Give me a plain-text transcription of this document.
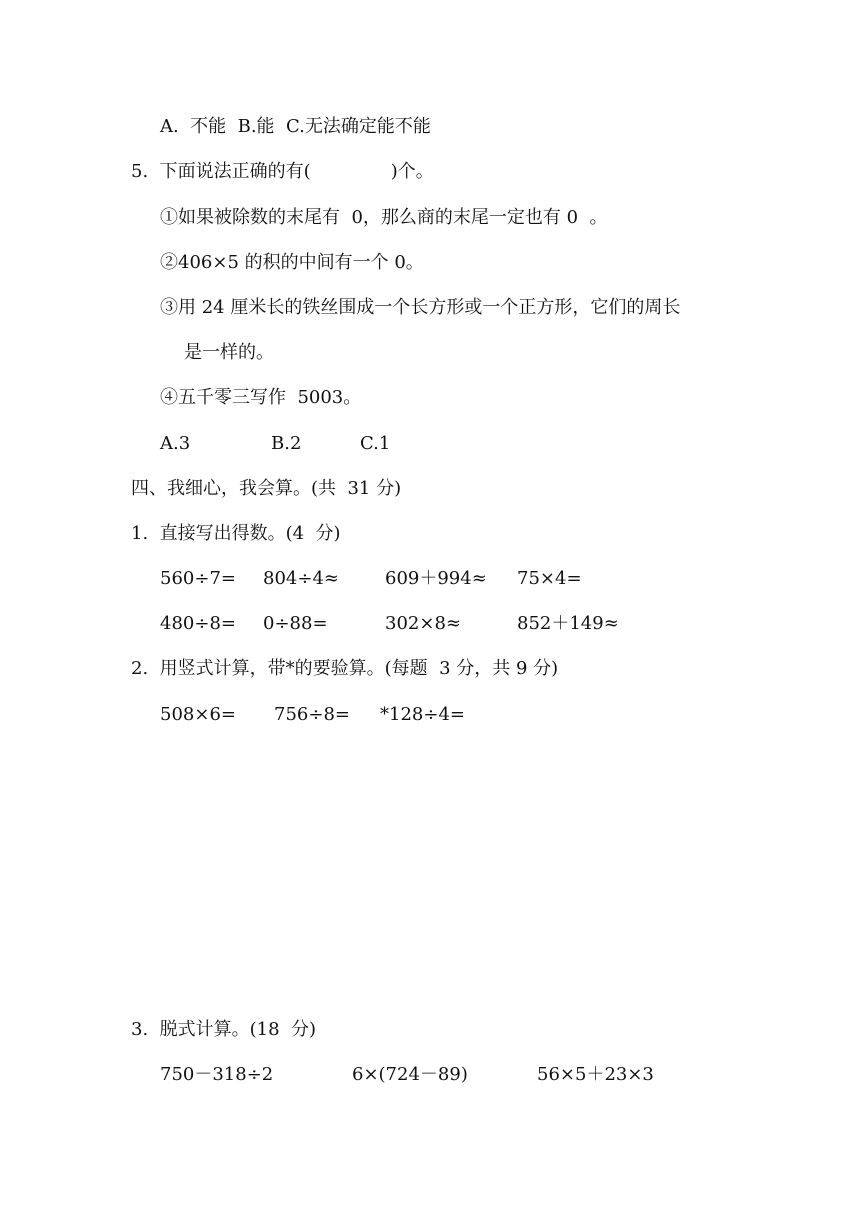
A.  不能  B.能  C.无法确定能不能
5.  下面说法正确的有(              )个。
①如果被除数的末尾有  0，那么商的末尾一定也有 0  。
②406×5 的积的中间有一个 0。
③用 24 厘米长的铁丝围成一个长方形或一个正方形，它们的周长
是一样的。
④五千零三写作  5003。
A.3	B.2	C.1
四、我细心，我会算。(共  31 分)
1.  直接写出得数。(4  分)
560÷7= 804÷4≈	609＋994≈ 75×4=
480÷8= 0÷88=	302×8≈	852＋149≈
2.  用竖式计算，带*的要验算。(每题  3 分，共 9 分)
508×6= 756÷8= *128÷4=
3.  脱式计算。(18  分)
750－318÷2	6×(724－89)	56×5＋23×3
